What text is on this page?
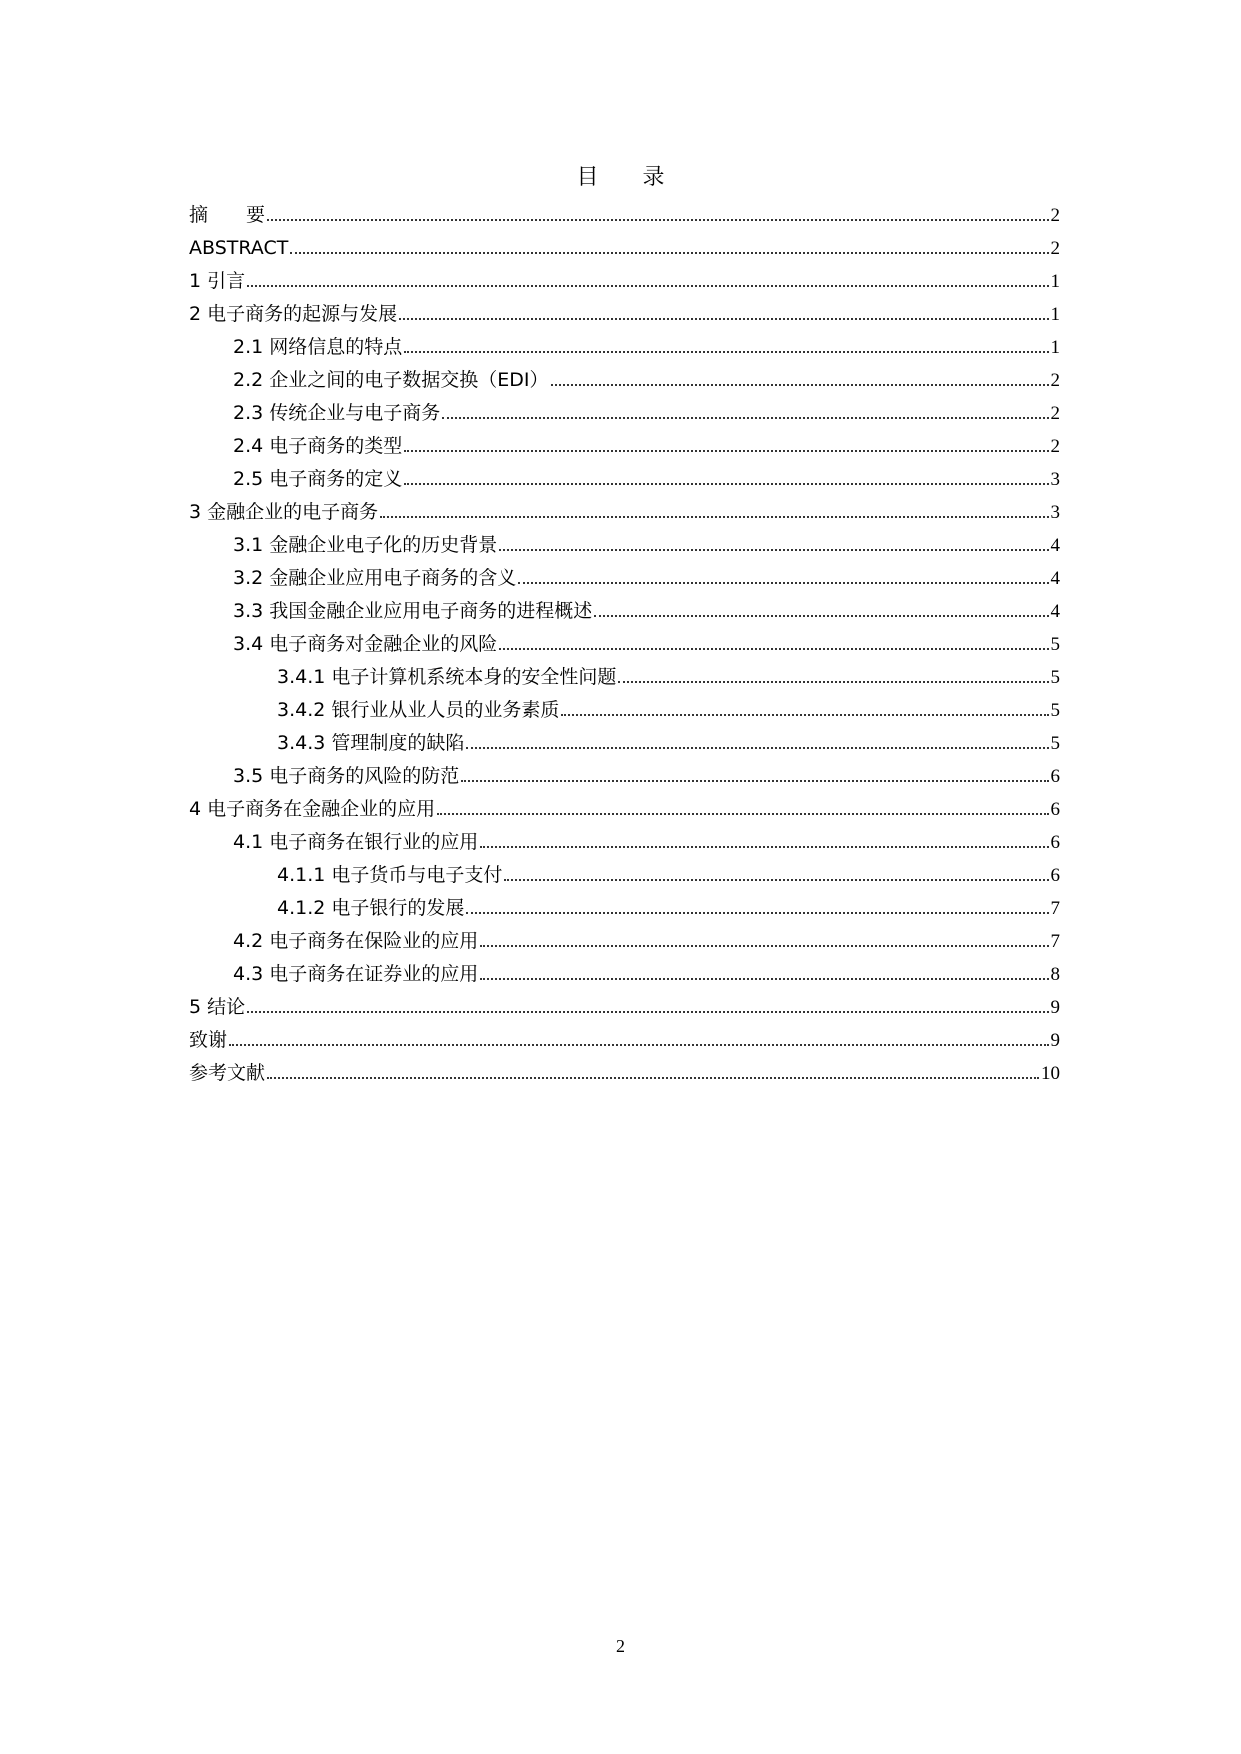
目　　录
摘　　要	2
ABSTRACT	2
1 引言	1
2 电子商务的起源与发展	1
2.1 网络信息的特点	1
2.2 企业之间的电子数据交换（EDI）	2
2.3 传统企业与电子商务	2
2.4 电子商务的类型	2
2.5 电子商务的定义	3
3 金融企业的电子商务	3
3.1 金融企业电子化的历史背景	4
3.2 金融企业应用电子商务的含义	4
3.3 我国金融企业应用电子商务的进程概述	4
3.4 电子商务对金融企业的风险	5
3.4.1 电子计算机系统本身的安全性问题	5
3.4.2 银行业从业人员的业务素质	5
3.4.3 管理制度的缺陷	5
3.5 电子商务的风险的防范	6
4 电子商务在金融企业的应用	6
4.1 电子商务在银行业的应用	6
4.1.1 电子货币与电子支付	6
4.1.2 电子银行的发展	7
4.2 电子商务在保险业的应用	7
4.3 电子商务在证券业的应用	8
5 结论	9
致谢	9
参考文献	10
2
